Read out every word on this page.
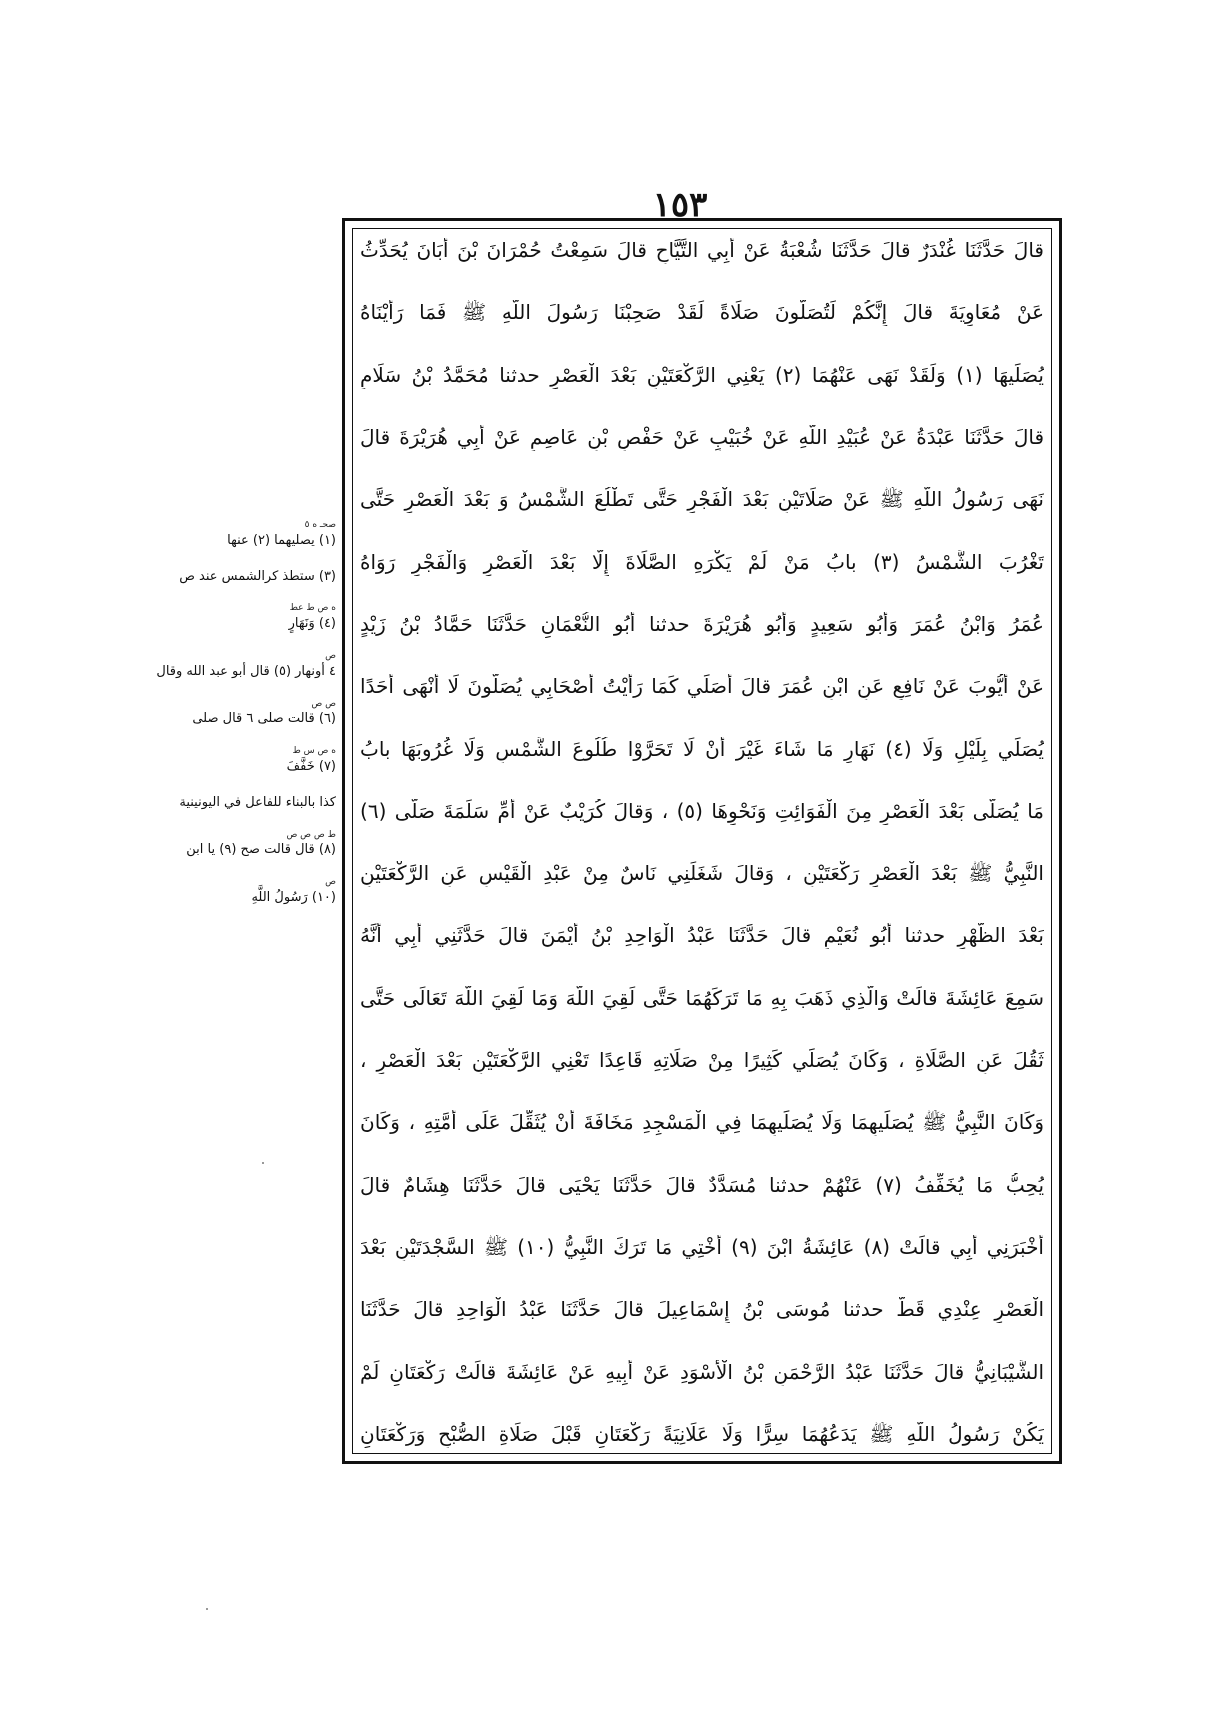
١٥٣
قالَ حَدَّثَنَا غُنْدَرٌ قالَ حَدَّثَنَا شُعْبَةُ عَنْ أَبِي التَّيَّاحِ قالَ سَمِعْتُ حُمْرَانَ بْنَ أَبَانَ يُحَدِّثُ
عَنْ مُعَاوِيَةَ قالَ إِنَّكُمْ لَتُصَلُّونَ صَلَاةً لَقَدْ صَحِبْنَا رَسُولَ اللَّهِ ﷺ فَمَا رَأَيْنَاهُ
يُصَلِّيهَا (١) وَلَقَدْ نَهَى عَنْهُمَا (٢) يَعْنِي الرَّكْعَتَيْنِ بَعْدَ الْعَصْرِ حدثنا مُحَمَّدُ بْنُ سَلَامٍ
قالَ حَدَّثَنَا عَبْدَةُ عَنْ عُبَيْدِ اللَّهِ عَنْ خُبَيْبٍ عَنْ حَفْصِ بْنِ عَاصِمٍ عَنْ أَبِي هُرَيْرَةَ قالَ
نَهَى رَسُولُ اللَّهِ ﷺ عَنْ صَلَاتَيْنِ بَعْدَ الْفَجْرِ حَتَّى تَطْلُعَ الشَّمْسُ وَ بَعْدَ الْعَصْرِ حَتَّى
تَغْرُبَ الشَّمْسُ (٣) بابُ مَنْ لَمْ يَكْرَهِ الصَّلَاةَ إِلَّا بَعْدَ الْعَصْرِ وَالْفَجْرِ رَوَاهُ
عُمَرُ وَابْنُ عُمَرَ وَأَبُو سَعِيدٍ وَأَبُو هُرَيْرَةَ حدثنا أَبُو النُّعْمَانِ حَدَّثَنَا حَمَّادُ بْنُ زَيْدٍ
عَنْ أَيُّوبَ عَنْ نَافِعٍ عَنِ ابْنِ عُمَرَ قالَ أُصَلِّي كَمَا رَأَيْتُ أَصْحَابِي يُصَلُّونَ لَا أَنْهَى أَحَدًا
يُصَلِّي بِلَيْلٍ وَلَا (٤) نَهَارٍ مَا شَاءَ غَيْرَ أَنْ لَا تَحَرَّوْا طُلُوعَ الشَّمْسِ وَلَا غُرُوبَهَا بابُ
مَا يُصَلَّى بَعْدَ الْعَصْرِ مِنَ الْفَوَائِتِ وَنَحْوِهَا (٥) ، وَقالَ كُرَيْبٌ عَنْ أُمِّ سَلَمَةَ صَلَّى (٦)
النَّبِيُّ ﷺ بَعْدَ الْعَصْرِ رَكْعَتَيْنِ ، وَقالَ شَغَلَنِي نَاسٌ مِنْ عَبْدِ الْقَيْسِ عَنِ الرَّكْعَتَيْنِ
بَعْدَ الظُّهْرِ حدثنا أَبُو نُعَيْمٍ قالَ حَدَّثَنَا عَبْدُ الْوَاحِدِ بْنُ أَيْمَنَ قالَ حَدَّثَنِي أَبِي أَنَّهُ
سَمِعَ عَائِشَةَ قالَتْ وَالَّذِي ذَهَبَ بِهِ مَا تَرَكَهُمَا حَتَّى لَقِيَ اللَّهَ وَمَا لَقِيَ اللَّهَ تَعَالَى حَتَّى
ثَقُلَ عَنِ الصَّلَاةِ ، وَكَانَ يُصَلِّي كَثِيرًا مِنْ صَلَاتِهِ قَاعِدًا تَعْنِي الرَّكْعَتَيْنِ بَعْدَ الْعَصْرِ ،
وَكَانَ النَّبِيُّ ﷺ يُصَلِّيهِمَا وَلَا يُصَلِّيهِمَا فِي الْمَسْجِدِ مَخَافَةَ أَنْ يُثَقِّلَ عَلَى أُمَّتِهِ ، وَكَانَ
يُحِبُّ مَا يُخَفِّفُ (٧) عَنْهُمْ حدثنا مُسَدَّدٌ قالَ حَدَّثَنَا يَحْيَى قالَ حَدَّثَنَا هِشَامٌ قالَ
أَخْبَرَنِي أَبِي قالَتْ (٨) عَائِشَةُ ابْنَ (٩) أُخْتِي مَا تَرَكَ النَّبِيُّ (١٠) ﷺ السَّجْدَتَيْنِ بَعْدَ
الْعَصْرِ عِنْدِي قَطُّ حدثنا مُوسَى بْنُ إِسْمَاعِيلَ قالَ حَدَّثَنَا عَبْدُ الْوَاحِدِ قالَ حَدَّثَنَا
الشَّيْبَانِيُّ قالَ حَدَّثَنَا عَبْدُ الرَّحْمَنِ بْنُ الْأَسْوَدِ عَنْ أَبِيهِ عَنْ عَائِشَةَ قالَتْ رَكْعَتَانِ لَمْ
يَكُنْ رَسُولُ اللَّهِ ﷺ يَدَعُهُمَا سِرًّا وَلَا عَلَانِيَةً رَكْعَتَانِ قَبْلَ صَلَاةِ الصُّبْحِ وَرَكْعَتَانِ
صحـ ه ٥
(١) يصليهما (٢) عنها
(٣) ستطذ كرالشمس عند ص
ه ص ط عط
(٤) وَنَهَارٍ
ص
٤ أونهار (٥) قال أبو عبد الله وقال
ص ص
(٦) قالت صلى ٦ قال صلى
ه ص س ط
(٧) خَفَّفَ
كذا بالبناء للفاعل في اليونينية
ط ص ص ص
(٨) قال قالت صح (٩) يا ابن
ص
(١٠) رَسُولُ اللَّهِ
